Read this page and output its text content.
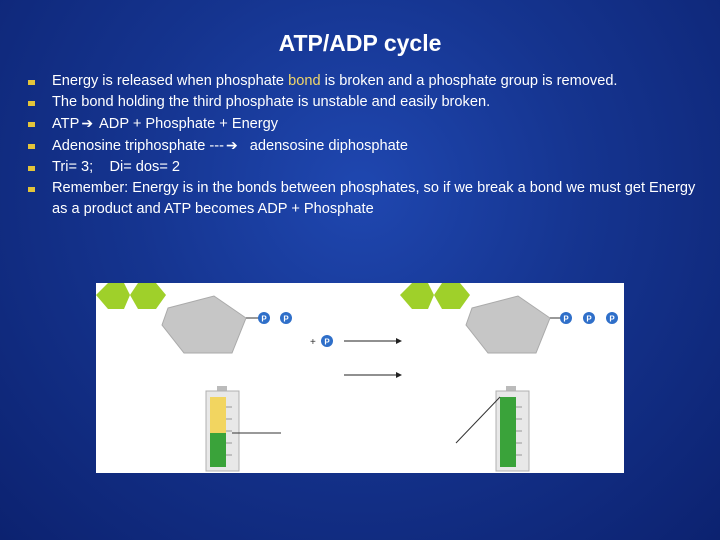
ATP/ADP cycle
Energy is released when phosphate bond is broken and a phosphate group is removed.
The bond holding the third phosphate is unstable and easily broken.
ATP ➔ ADP + Phosphate + Energy
Adenosine triphosphate --- ➔ adensosine diphosphate
Tri= 3;    Di= dos= 2
Remember: Energy is in the bonds between phosphates, so if we break a bond we must get Energy as a product and ATP becomes ADP + Phosphate
P P
+ P
P P P
